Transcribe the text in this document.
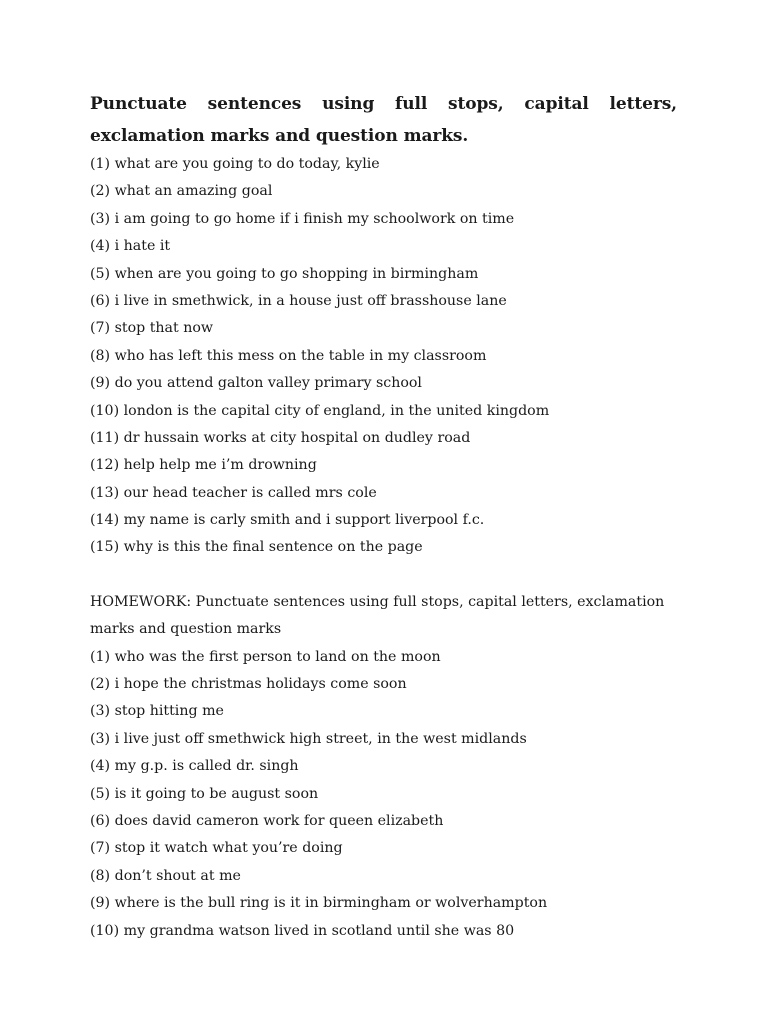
Punctuate sentences using full stops, capital letters, exclamation marks and question marks.
(1) what are you going to do today, kylie
(2) what an amazing goal
(3) i am going to go home if i finish my schoolwork on time
(4) i hate it
(5) when are you going to go shopping in birmingham
(6) i live in smethwick, in a house just off brasshouse lane
(7) stop that now
(8) who has left this mess on the table in my classroom
(9) do you attend galton valley primary school
(10) london is the capital city of england, in the united kingdom
(11) dr hussain works at city hospital on dudley road
(12) help help me i’m drowning
(13) our head teacher is called mrs cole
(14) my name is carly smith and i support liverpool f.c.
(15) why is this the final sentence on the page

HOMEWORK: Punctuate sentences using full stops, capital letters, exclamation marks and question marks

(1) who was the first person to land on the moon
(2) i hope the christmas holidays come soon
(3) stop hitting me
(3) i live just off smethwick high street, in the west midlands
(4) my g.p. is called dr. singh
(5) is it going to be august soon
(6) does david cameron work for queen elizabeth
(7) stop it watch what you’re doing
(8) don’t shout at me
(9) where is the bull ring is it in birmingham or wolverhampton
(10) my grandma watson lived in scotland until she was 80
